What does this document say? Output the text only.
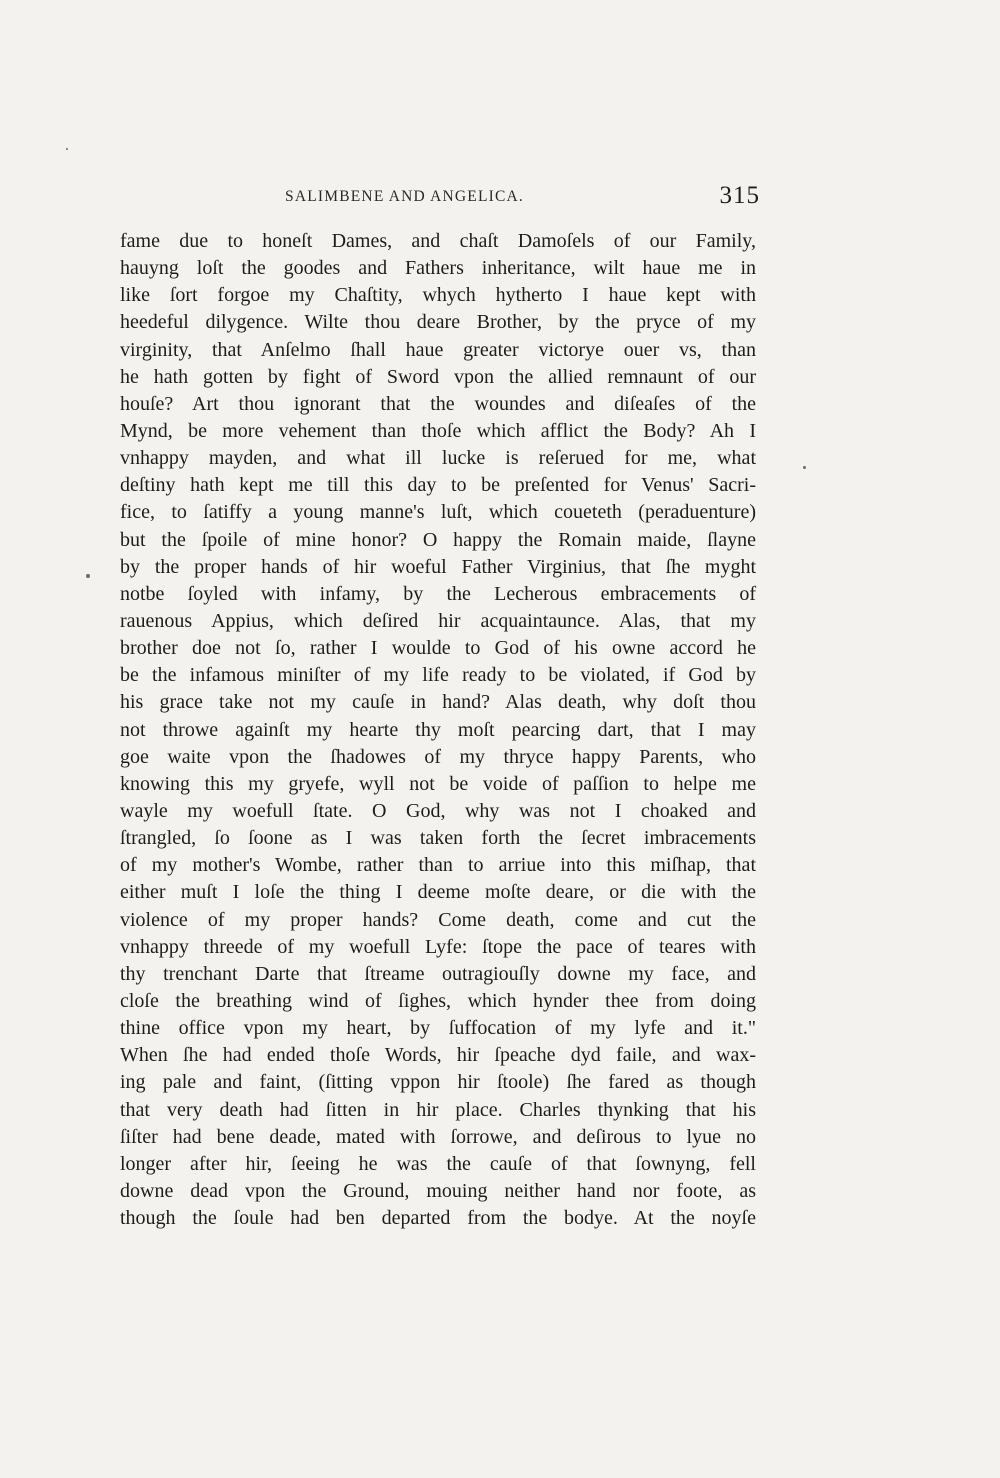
SALIMBENE AND ANGELICA.	315
fame due to honeſt Dames, and chaſt Damoſels of our Family,
hauyng loſt the goodes and Fathers inheritance, wilt haue me in
like ſort forgoe my Chaſtity, whych hytherto I haue kept with
heedeful dilygence. Wilte thou deare Brother, by the pryce of my
virginity, that Anſelmo ſhall haue greater victorye ouer vs, than
he hath gotten by fight of Sword vpon the allied remnaunt of our
houſe? Art thou ignorant that the woundes and diſeaſes of the
Mynd, be more vehement than thoſe which afflict the Body? Ah I
vnhappy mayden, and what ill lucke is reſerued for me, what
deſtiny hath kept me till this day to be preſented for Venus' Sacri-
fice, to ſatiffy a young manne's luſt, which coueteth (peraduenture)
but the ſpoile of mine honor? O happy the Romain maide, ſlayne
by the proper hands of hir woeful Father Virginius, that ſhe myght
notbe ſoyled with infamy, by the Lecherous embracements of
rauenous Appius, which deſired hir acquaintaunce. Alas, that my
brother doe not ſo, rather I woulde to God of his owne accord he
be the infamous miniſter of my life ready to be violated, if God by
his grace take not my cauſe in hand? Alas death, why doſt thou
not throwe againſt my hearte thy moſt pearcing dart, that I may
goe waite vpon the ſhadowes of my thryce happy Parents, who
knowing this my gryefe, wyll not be voide of paſſion to helpe me
wayle my woefull ſtate. O God, why was not I choaked and
ſtrangled, ſo ſoone as I was taken forth the ſecret imbracements
of my mother's Wombe, rather than to arriue into this miſhap, that
either muſt I loſe the thing I deeme moſte deare, or die with the
violence of my proper hands? Come death, come and cut the
vnhappy threede of my woefull Lyfe: ſtope the pace of teares with
thy trenchant Darte that ſtreame outragiouſly downe my face, and
cloſe the breathing wind of ſighes, which hynder thee from doing
thine office vpon my heart, by ſuffocation of my lyfe and it."
When ſhe had ended thoſe Words, hir ſpeache dyd faile, and wax-
ing pale and faint, (ſitting vppon hir ſtoole) ſhe fared as though
that very death had ſitten in hir place. Charles thynking that his
ſiſter had bene deade, mated with ſorrowe, and deſirous to lyue no
longer after hir, ſeeing he was the cauſe of that ſownyng, fell
downe dead vpon the Ground, mouing neither hand nor foote, as
though the ſoule had ben departed from the bodye. At the noyſe
